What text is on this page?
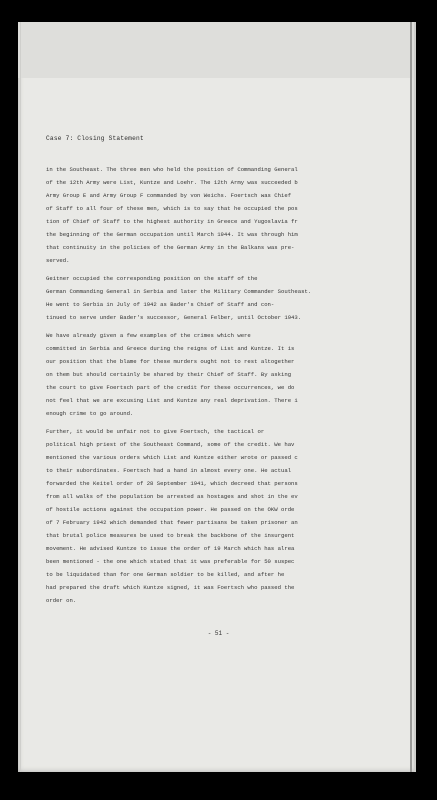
Case 7: Closing Statement
in the Southeast. The three men who held the position of Commanding General
of the 12th Army were List, Kuntze and Loehr. The 12th Army was succeeded b
Army Group E and Army Group F commanded by von Weichs. Foertsch was Chief
of Staff to all four of these men, which is to say that he occupied the pos
tion of Chief of Staff to the highest authority in Greece and Yugoslavia fr
the beginning of the German occupation until March 1944. It was through him
that continuity in the policies of the German Army in the Balkans was pre-
served.
Geitner occupied the corresponding position on the staff of the
German Commanding General in Serbia and later the Military Commander Southeast.
He went to Serbia in July of 1942 as Bader's Chief of Staff and con-
tinued to serve under Bader's successor, General Felber, until October 1943.
We have already given a few examples of the crimes which were
committed in Serbia and Greece during the reigns of List and Kuntze. It is
our position that the blame for these murders ought not to rest altogether
on them but should certainly be shared by their Chief of Staff. By asking
the court to give Foertsch part of the credit for these occurrences, we do
not feel that we are excusing List and Kuntze any real deprivation. There i
enough crime to go around.
Further, it would be unfair not to give Foertsch, the tactical or
political high priest of the Southeast Command, some of the credit. We hav
mentioned the various orders which List and Kuntze either wrote or passed c
to their subordinates. Foertsch had a hand in almost every one. He actual
forwarded the Keitel order of 28 September 1941, which decreed that persons
from all walks of the population be arrested as hostages and shot in the ev
of hostile actions against the occupation power. He passed on the OKW orde
of 7 February 1942 which demanded that fewer partisans be taken prisoner an
that brutal police measures be used to break the backbone of the insurgent
movement. He advised Kuntze to issue the order of 19 March which has alrea
been mentioned - the one which stated that it was preferable for 50 suspec
to be liquidated than for one German soldier to be killed, and after he
had prepared the draft which Kuntze signed, it was Foertsch who passed the
order on.
- 51 -
